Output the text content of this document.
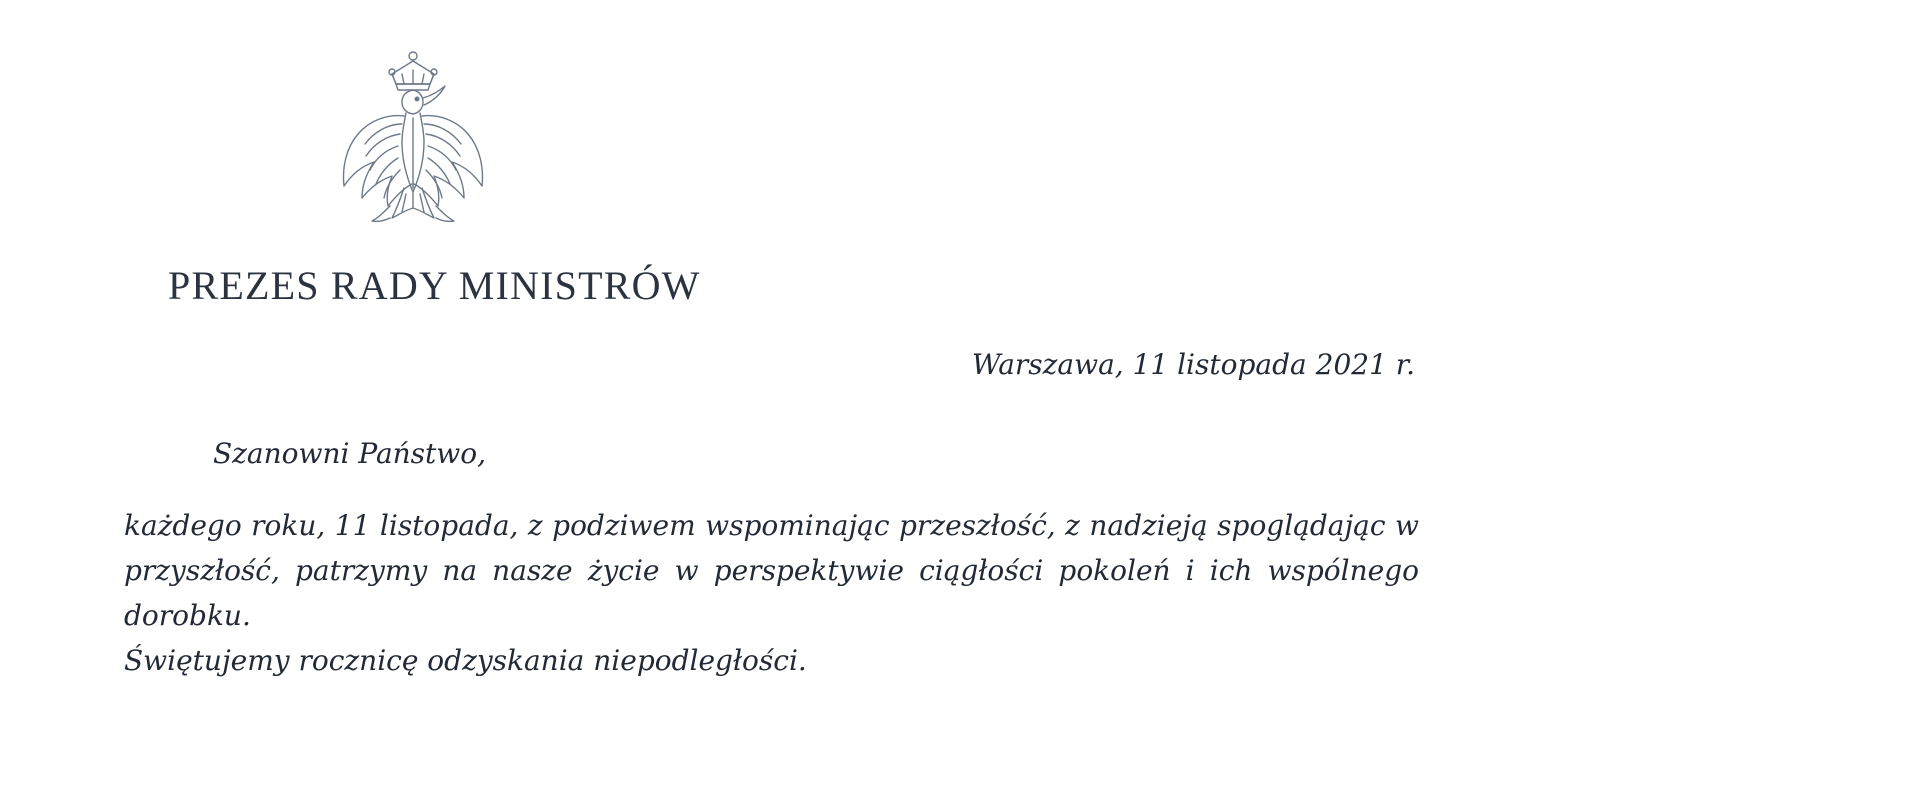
PREZES RADY MINISTRÓW
Warszawa, 11 listopada 2021 r.
Szanowni Państwo,

każdego roku, 11 listopada, z podziwem wspominając przeszłość, z nadzieją spoglądając w przyszłość, patrzymy na nasze życie w perspektywie ciągłości pokoleń i ich wspólnego dorobku.

Świętujemy rocznicę odzyskania niepodległości.
